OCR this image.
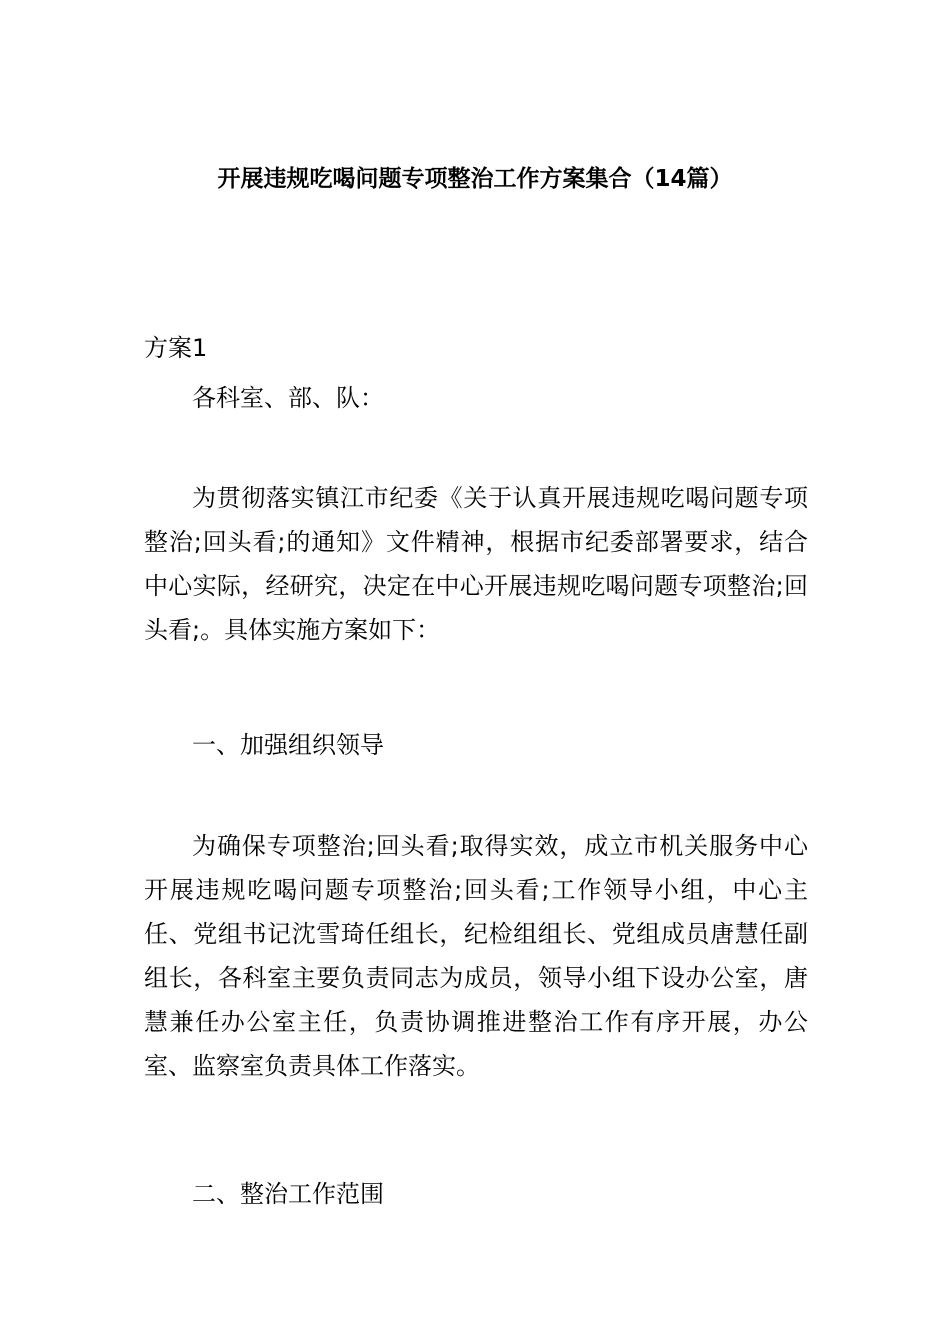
开展违规吃喝问题专项整治工作方案集合（14篇）
方案1
各科室、部、队：

为贯彻落实镇江市纪委《关于认真开展违规吃喝问题专项整治;回头看;的通知》文件精神，根据市纪委部署要求，结合中心实际，经研究，决定在中心开展违规吃喝问题专项整治;回头看;。具体实施方案如下：

一、加强组织领导

为确保专项整治;回头看;取得实效，成立市机关服务中心开展违规吃喝问题专项整治;回头看;工作领导小组，中心主任、党组书记沈雪琦任组长，纪检组组长、党组成员唐慧任副组长，各科室主要负责同志为成员，领导小组下设办公室，唐慧兼任办公室主任，负责协调推进整治工作有序开展，办公室、监察室负责具体工作落实。

二、整治工作范围
